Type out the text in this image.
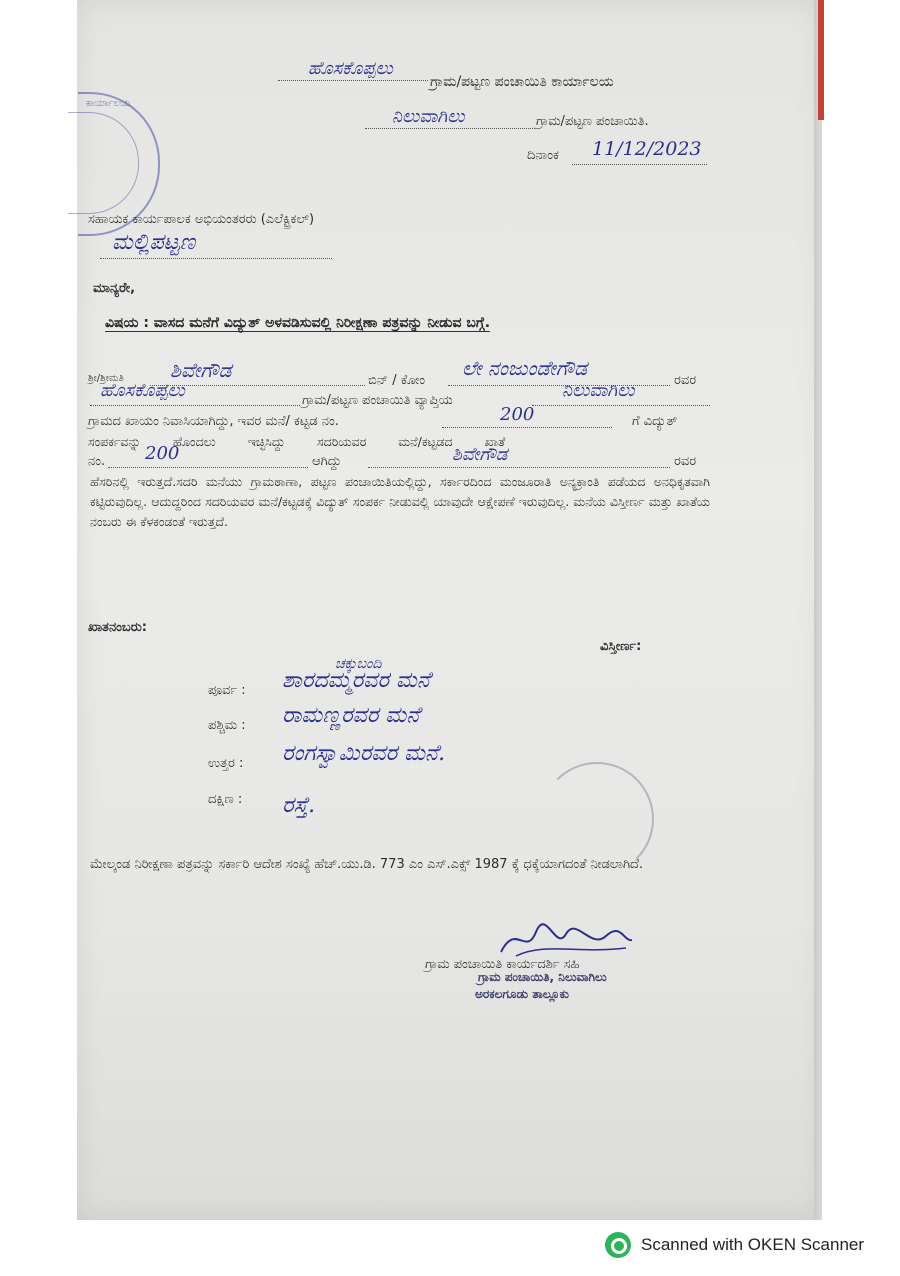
ಕಾರ್ಯಾಲಯ
ಹೊಸಕೊಪ್ಪಲು
ಗ್ರಾಮ/ಪಟ್ಟಣ ಪಂಚಾಯಿತಿ ಕಾರ್ಯಾಲಯ
ನಿಲುವಾಗಿಲು	ಗ್ರಾಮ/ಪಟ್ಟಣ ಪಂಚಾಯಿತಿ.
ದಿನಾಂಕ 11/12/2023
ಸಹಾಯಕ ಕಾರ್ಯಪಾಲಕ ಅಭಿಯಂತರರು (ಎಲೆಕ್ಟ್ರಿಕಲ್)
ಮಲ್ಲಿಪಟ್ಟಣ
ಮಾನ್ಯರೇ,
ವಿಷಯ : ವಾಸದ ಮನೆಗೆ ವಿದ್ಯುತ್ ಅಳವಡಿಸುವಲ್ಲಿ ನಿರೀಕ್ಷಣಾ ಪತ್ರವನ್ನು ನೀಡುವ ಬಗ್ಗೆ.
ಶ್ರೀ/ಶ್ರೀಮತಿ ಶಿವೇಗೌಡ	ಬಿನ್ / ಕೋಂ
ಲೇ ನಂಜುಂಡೇಗೌಡ
ರವರ
ಹೊಸಕೊಪ್ಪಲು	ಗ್ರಾಮ/ಪಟ್ಟಣ ಪಂಚಾಯಿತಿ ವ್ಯಾಪ್ತಿಯ	ನಿಲುವಾಗಿಲು
ಗ್ರಾಮದ ಖಾಯಂ ನಿವಾಸಿಯಾಗಿದ್ದು, ಇವರ ಮನೆ/ ಕಟ್ಟಡ ನಂ.	200	ಗೆ ವಿದ್ಯುತ್
ಸಂಪರ್ಕವನ್ನು ಹೊಂದಲು ಇಚ್ಛಿಸಿದ್ದು ಸದರಿಯವರ ಮನೆ/ಕಟ್ಟಡದ ಖಾತೆ
ನಂ. 200	ಆಗಿದ್ದು	ಶಿವೇಗೌಡ	ರವರ
ಹೆಸರಿನಲ್ಲಿ ಇರುತ್ತದೆ.ಸದರಿ ಮನೆಯು ಗ್ರಾಮಠಾಣಾ, ಪಟ್ಟಣ ಪಂಚಾಯಿತಿಯಲ್ಲಿದ್ದು, ಸರ್ಕಾರದಿಂದ ಮಂಜೂರಾತಿ ಅನ್ಯಕ್ರಾಂತಿ ಪಡೆಯದ ಅನಧಿಕೃತವಾಗಿ ಕಟ್ಟಿರುವುದಿಲ್ಲ. ಆದುದ್ದರಿಂದ ಸದರಿಯವರ ಮನೆ/ಕಟ್ಟಡಕ್ಕೆ ವಿದ್ಯುತ್ ಸಂಪರ್ಕ ನೀಡುವಲ್ಲಿ ಯಾವುದೇ ಆಕ್ಷೇಪಣೆ ಇರುವುದಿಲ್ಲ. ಮನೆಯ ವಿಸ್ತೀರ್ಣ ಮತ್ತು ಖಾತೆಯ ನಂಬರು ಈ ಕೆಳಕಂಡಂತೆ ಇರುತ್ತದೆ.
ಖಾತನಂಬರು:
ವಿಸ್ತೀರ್ಣ:
ಚಕ್ಕುಬಂದಿ
ಪೂರ್ವ : ಶಾರದಮ್ಮರವರ ಮನೆ
ಪಶ್ಚಿಮ : ರಾಮಣ್ಣರವರ ಮನೆ
ಉತ್ತರ : ರಂಗಸ್ವಾಮಿರವರ ಮನೆ.
ದಕ್ಷಿಣ : ರಸ್ತೆ.
ಮೇಲ್ಕಂಡ ನಿರೀಕ್ಷಣಾ ಪತ್ರವನ್ನು ಸರ್ಕಾರಿ ಆದೇಶ ಸಂಖ್ಯೆ ಹೆಚ್.ಯು.ಡಿ. 773 ಎಂ ಎಸ್.ಎಕ್ಸ್ 1987 ಕ್ಕೆ ಧಕ್ಕೆಯಾಗದಂತೆ ನೀಡಲಾಗಿದೆ.
ಗ್ರಾಮ ಪಂಚಾಯಿತಿ ಕಾರ್ಯದರ್ಶಿ ಸಹಿ
ಗ್ರಾಮ ಪಂಚಾಯಿತಿ, ನಿಲುವಾಗಿಲು
ಅರಕಲಗೂಡು ತಾಲ್ಲೂಕು
Scanned with OKEN Scanner
